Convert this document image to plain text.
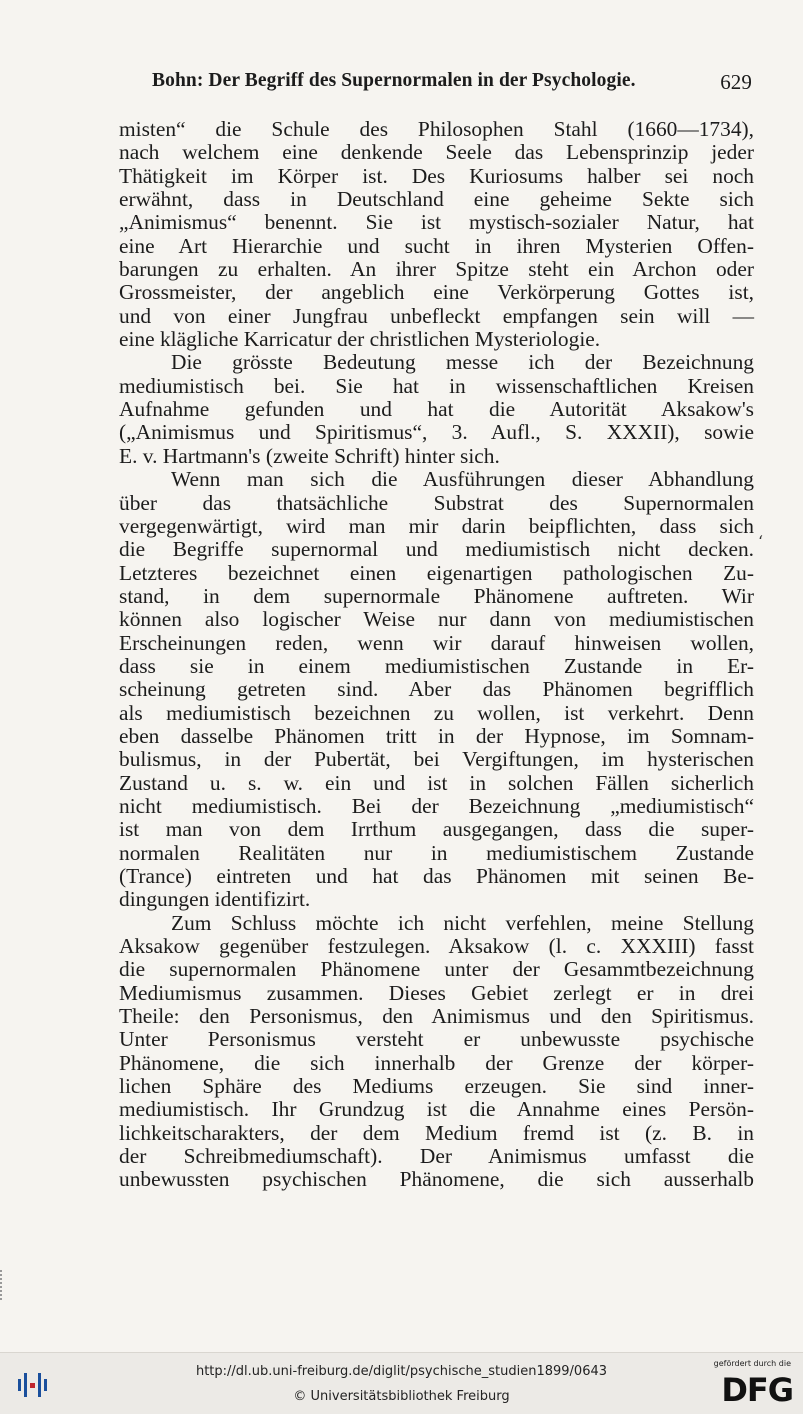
Bohn: Der Begriff des Supernormalen in der Psychologie.	629
misten“ die Schule des Philosophen Stahl (1660—1734),
nach welchem eine denkende Seele das Lebensprinzip jeder
Thätigkeit im Körper ist. Des Kuriosums halber sei noch
erwähnt, dass in Deutschland eine geheime Sekte sich
„Animismus“ benennt. Sie ist mystisch-sozialer Natur, hat
eine Art Hierarchie und sucht in ihren Mysterien Offen-
barungen zu erhalten. An ihrer Spitze steht ein Archon oder
Grossmeister, der angeblich eine Verkörperung Gottes ist,
und von einer Jungfrau unbefleckt empfangen sein will —
eine klägliche Karricatur der christlichen Mysteriologie.
Die grösste Bedeutung messe ich der Bezeichnung
mediumistisch bei. Sie hat in wissenschaftlichen Kreisen
Aufnahme gefunden und hat die Autorität Aksakow's
(„Animismus und Spiritismus“, 3. Aufl., S. XXXII), sowie
E. v. Hartmann's (zweite Schrift) hinter sich.
Wenn man sich die Ausführungen dieser Abhandlung
über das thatsächliche Substrat des Supernormalen
vergegenwärtigt, wird man mir darin beipflichten, dass sich
die Begriffe supernormal und mediumistisch nicht decken.
Letzteres bezeichnet einen eigenartigen pathologischen Zu-
stand, in dem supernormale Phänomene auftreten. Wir
können also logischer Weise nur dann von mediumistischen
Erscheinungen reden, wenn wir darauf hinweisen wollen,
dass sie in einem mediumistischen Zustande in Er-
scheinung getreten sind. Aber das Phänomen begrifflich
als mediumistisch bezeichnen zu wollen, ist verkehrt. Denn
eben dasselbe Phänomen tritt in der Hypnose, im Somnam-
bulismus, in der Pubertät, bei Vergiftungen, im hysterischen
Zustand u. s. w. ein und ist in solchen Fällen sicherlich
nicht mediumistisch. Bei der Bezeichnung „mediumistisch“
ist man von dem Irrthum ausgegangen, dass die super-
normalen Realitäten nur in mediumistischem Zustande
(Trance) eintreten und hat das Phänomen mit seinen Be-
dingungen identifizirt.
Zum Schluss möchte ich nicht verfehlen, meine Stellung
Aksakow gegenüber festzulegen. Aksakow (l. c. XXXIII) fasst
die supernormalen Phänomene unter der Gesammtbezeichnung
Mediumismus zusammen. Dieses Gebiet zerlegt er in drei
Theile: den Personismus, den Animismus und den Spiritismus.
Unter Personismus versteht er unbewusste psychische
Phänomene, die sich innerhalb der Grenze der körper-
lichen Sphäre des Mediums erzeugen. Sie sind inner-
mediumistisch. Ihr Grundzug ist die Annahme eines Persön-
lichkeitscharakters, der dem Medium fremd ist (z. B. in
der Schreibmediumschaft). Der Animismus umfasst die
unbewussten psychischen Phänomene, die sich ausserhalb
‘
http://dl.ub.uni-freiburg.de/diglit/psychische_studien1899/0643
© Universitätsbibliothek Freiburg
gefördert durch die
DFG
